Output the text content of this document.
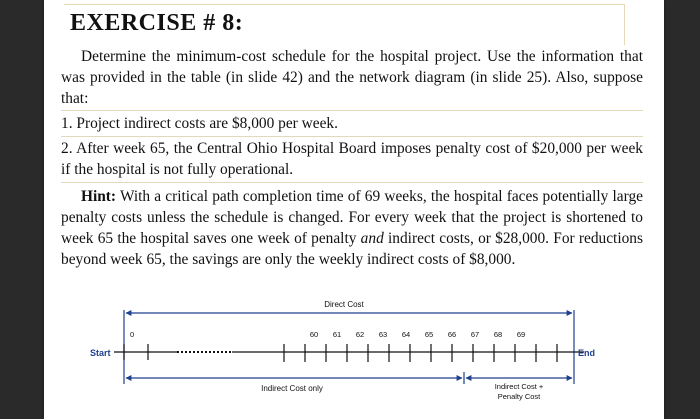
EXERCISE # 8:

Determine the minimum-cost schedule for the hospital project. Use the information that was provided in the table (in slide 42) and the network diagram (in slide 25). Also, suppose that:

1. Project indirect costs are $8,000 per week.

2. After week 65, the Central Ohio Hospital Board imposes penalty cost of $20,000 per week if the hospital is not fully operational.

Hint: With a critical path completion time of 69 weeks, the hospital faces potentially large penalty costs unless the schedule is changed. For every week that the project is shortened to week 65 the hospital saves one week of penalty and indirect costs, or $28,000. For reductions beyond week 65, the savings are only the weekly indirect costs of $8,000.

Direct Cost
Start	End
0	60 61 62 63 64 65 66 67 68 69
Indirect Cost only	Indirect Cost +
Penalty Cost
